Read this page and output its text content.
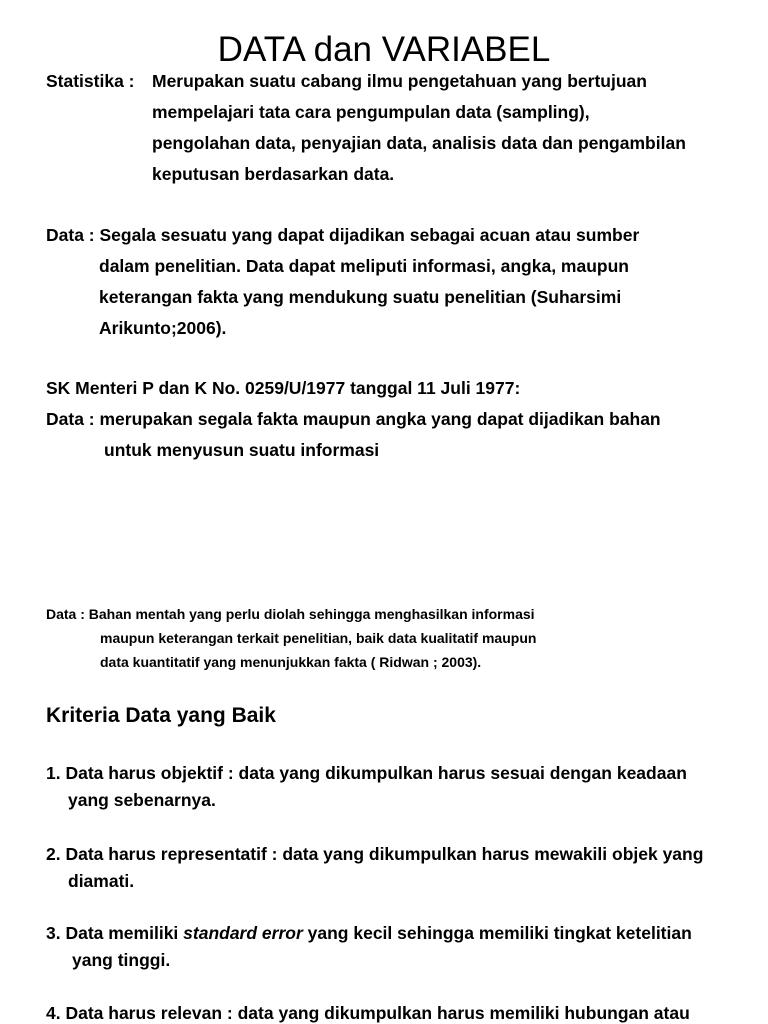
DATA dan VARIABEL
Statistika : Merupakan suatu cabang ilmu pengetahuan yang bertujuan
mempelajari tata cara pengumpulan data (sampling),
pengolahan data, penyajian data, analisis data dan pengambilan
keputusan berdasarkan data.
Data : Segala sesuatu yang dapat dijadikan sebagai acuan atau sumber
dalam penelitian. Data dapat meliputi informasi, angka, maupun
keterangan fakta yang mendukung suatu penelitian (Suharsimi
Arikunto;2006).
SK Menteri P dan K No. 0259/U/1977 tanggal 11 Juli 1977:
Data : merupakan segala fakta maupun angka yang dapat dijadikan bahan
untuk menyusun suatu informasi
Data : Bahan mentah yang perlu diolah sehingga menghasilkan informasi
maupun keterangan terkait penelitian, baik data kualitatif maupun
data kuantitatif yang menunjukkan fakta ( Ridwan ; 2003).
Kriteria Data yang Baik
1. Data harus objektif : data yang dikumpulkan harus sesuai dengan keadaan
yang sebenarnya.
2. Data harus representatif : data yang dikumpulkan harus mewakili objek yang
diamati.
3. Data memiliki standard error yang kecil sehingga memiliki tingkat ketelitian
yang tinggi.
4. Data harus relevan : data yang dikumpulkan harus memiliki hubungan atau
